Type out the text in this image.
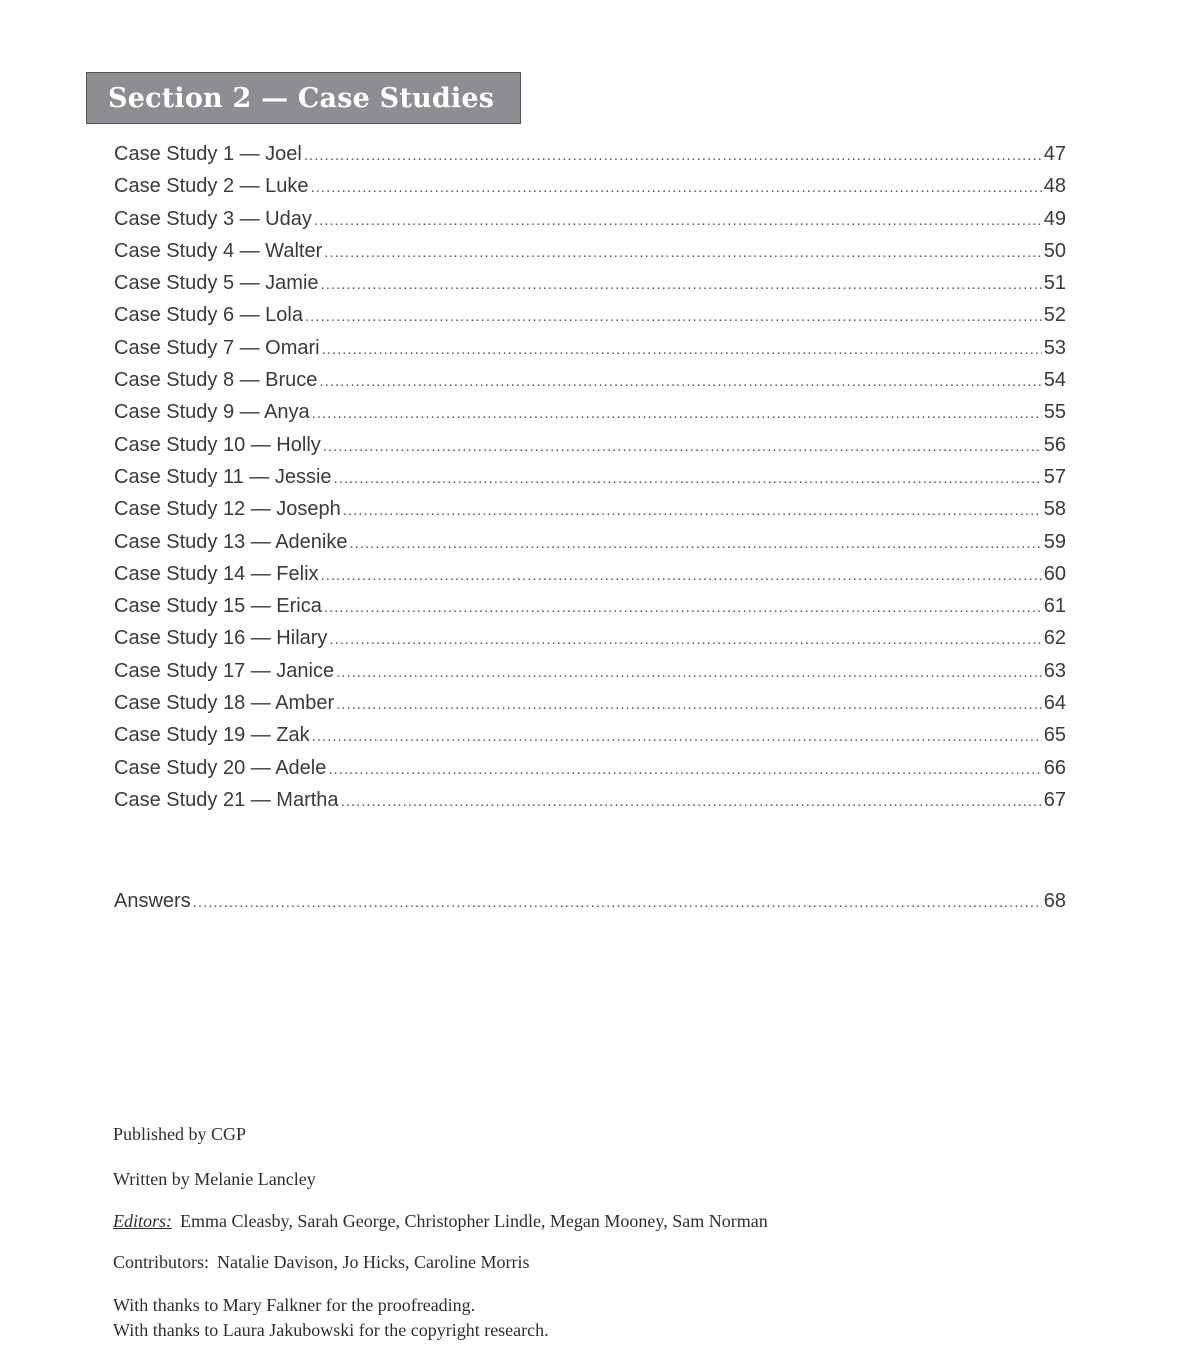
Section 2 — Case Studies
Case Study 1 — Joel .....	47
Case Study 2 — Luke .....	48
Case Study 3 — Uday .....	49
Case Study 4 — Walter .....	50
Case Study 5 — Jamie .....	51
Case Study 6 — Lola .....	52
Case Study 7 — Omari .....	53
Case Study 8 — Bruce .....	54
Case Study 9 — Anya .....	55
Case Study 10 — Holly .....	56
Case Study 11 — Jessie .....	57
Case Study 12 — Joseph .....	58
Case Study 13 — Adenike .....	59
Case Study 14 — Felix .....	60
Case Study 15 — Erica .....	61
Case Study 16 — Hilary .....	62
Case Study 17 — Janice .....	63
Case Study 18 — Amber .....	64
Case Study 19 — Zak .....	65
Case Study 20 — Adele .....	66
Case Study 21 — Martha .....	67
Answers .....	68
Published by CGP
Written by Melanie Lancley
Editors: Emma Cleasby, Sarah George, Christopher Lindle, Megan Mooney, Sam Norman
Contributors: Natalie Davison, Jo Hicks, Caroline Morris
With thanks to Mary Falkner for the proofreading.
With thanks to Laura Jakubowski for the copyright research.
